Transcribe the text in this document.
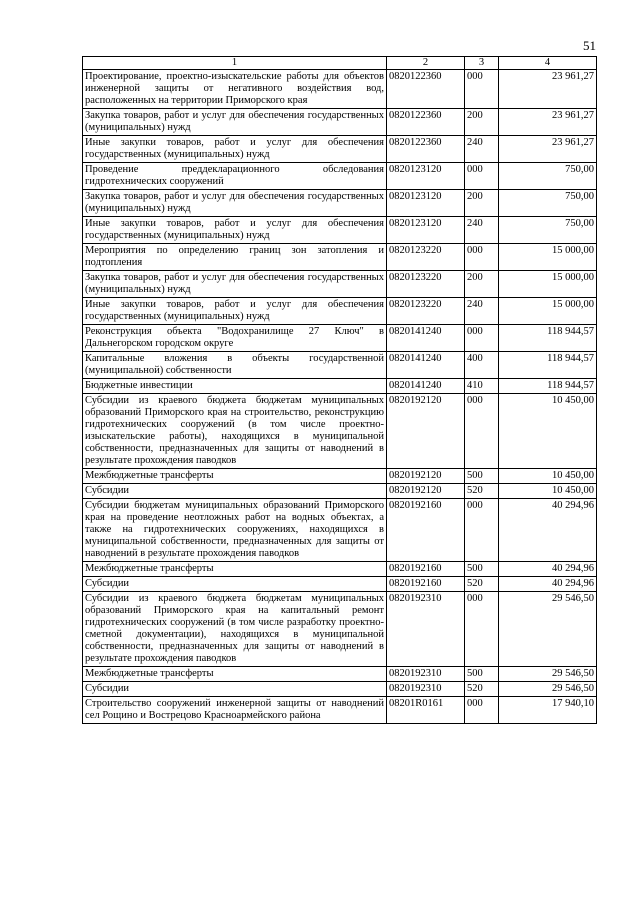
51
1	2	3	4
Проектирование, проектно-изыскательские работы для объектов инженерной защиты от негативного воздействия вод, расположенных на территории Приморского края	0820122360	000	23 961,27
Закупка товаров, работ и услуг для обеспечения государственных (муниципальных) нужд	0820122360	200	23 961,27
Иные закупки товаров, работ и услуг для обеспечения государственных (муниципальных) нужд	0820122360	240	23 961,27
Проведение преддекларационного обследования гидротехнических сооружений	0820123120	000	750,00
Закупка товаров, работ и услуг для обеспечения государственных (муниципальных) нужд	0820123120	200	750,00
Иные закупки товаров, работ и услуг для обеспечения государственных (муниципальных) нужд	0820123120	240	750,00
Мероприятия по определению границ зон затопления и подтопления	0820123220	000	15 000,00
Закупка товаров, работ и услуг для обеспечения государственных (муниципальных) нужд	0820123220	200	15 000,00
Иные закупки товаров, работ и услуг для обеспечения государственных (муниципальных) нужд	0820123220	240	15 000,00
Реконструкция объекта "Водохранилище 27 Ключ" в Дальнегорском городском округе	0820141240	000	118 944,57
Капитальные вложения в объекты государственной (муниципальной) собственности	0820141240	400	118 944,57
Бюджетные инвестиции	0820141240	410	118 944,57
Субсидии из краевого бюджета бюджетам муниципальных образований Приморского края на строительство, реконструкцию гидротехнических сооружений (в том числе проектно-изыскательские работы), находящихся в муниципальной собственности, предназначенных для защиты от наводнений в результате прохождения паводков	0820192120	000	10 450,00
Межбюджетные трансферты	0820192120	500	10 450,00
Субсидии	0820192120	520	10 450,00
Субсидии бюджетам муниципальных образований Приморского края на проведение неотложных работ на водных объектах, а также на гидротехнических сооружениях, находящихся в муниципальной собственности, предназначенных для защиты от наводнений в результате прохождения паводков	0820192160	000	40 294,96
Межбюджетные трансферты	0820192160	500	40 294,96
Субсидии	0820192160	520	40 294,96
Субсидии из краевого бюджета бюджетам муниципальных образований Приморского края на капитальный ремонт гидротехнических сооружений (в том числе разработку проектно-сметной документации), находящихся в муниципальной собственности, предназначенных для защиты от наводнений в результате прохождения паводков	0820192310	000	29 546,50
Межбюджетные трансферты	0820192310	500	29 546,50
Субсидии	0820192310	520	29 546,50
Строительство сооружений инженерной защиты от наводнений сел Рощино и Вострецово Красноармейского района	08201R0161	000	17 940,10
